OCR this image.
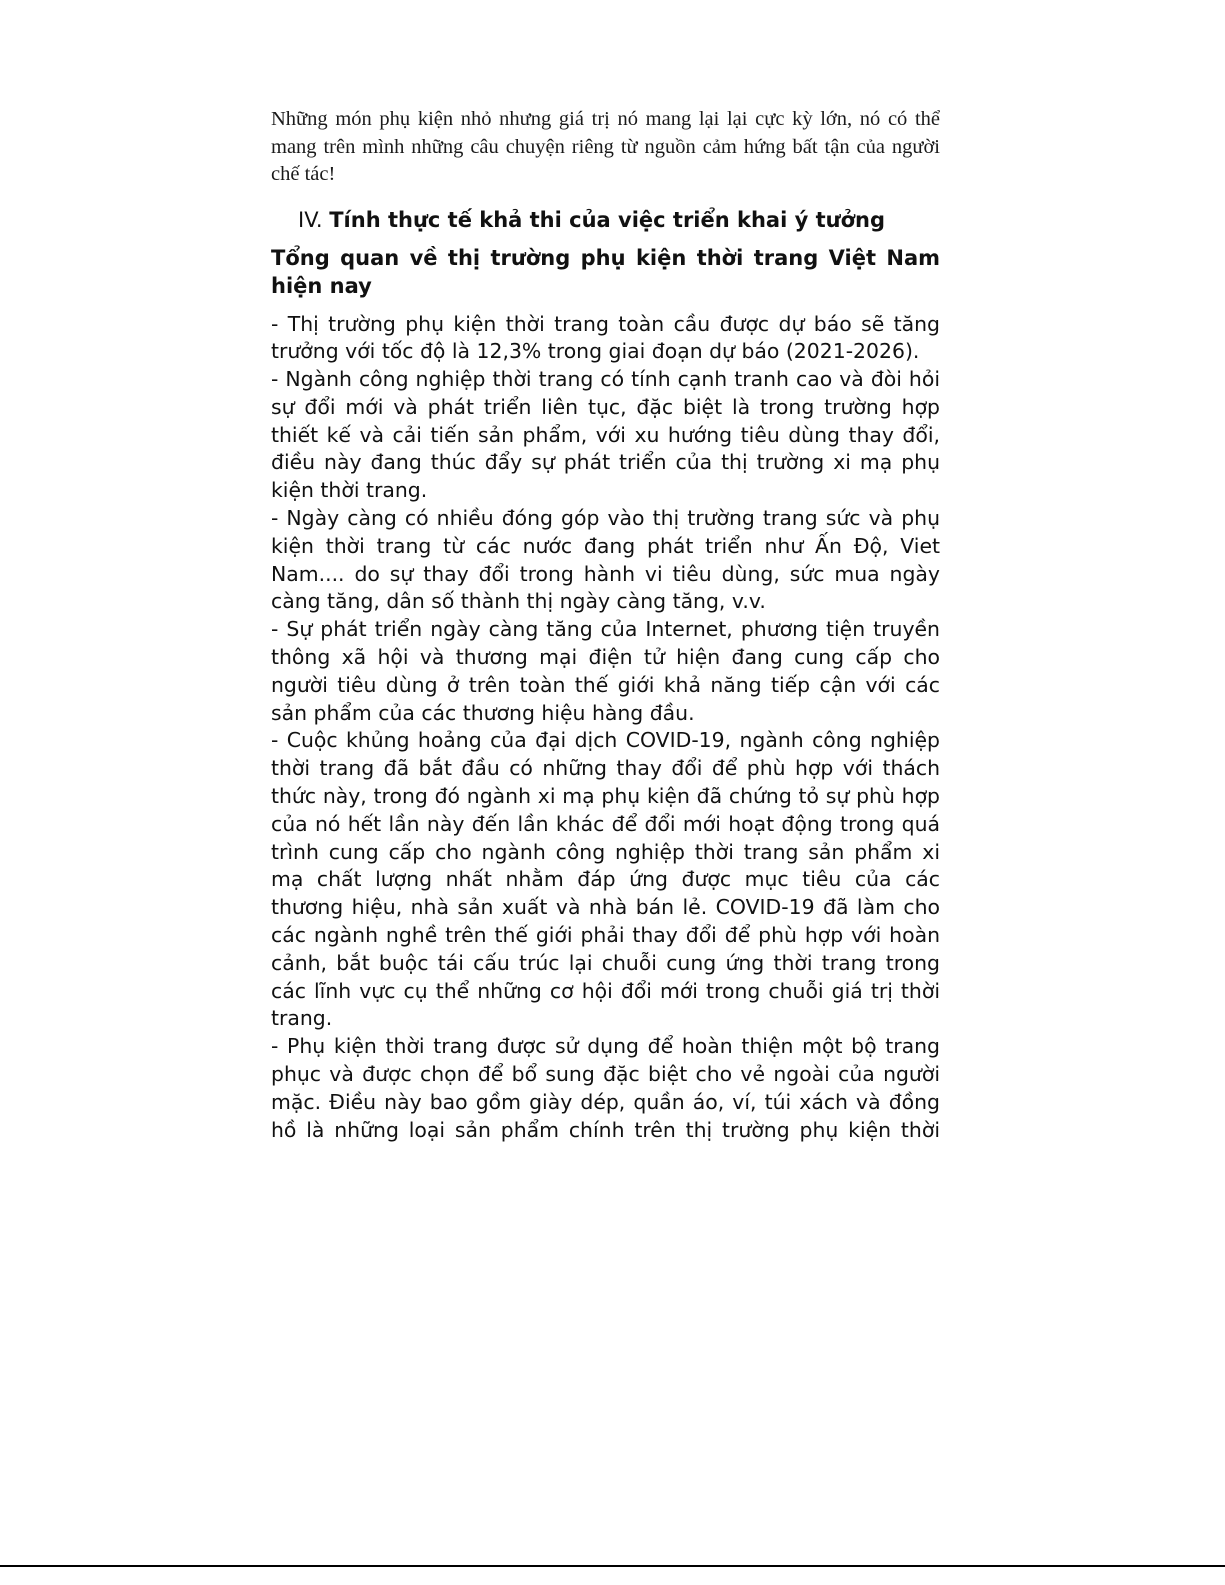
Những món phụ kiện nhỏ nhưng giá trị nó mang lại lại cực kỳ lớn, nó có thể mang trên mình những câu chuyện riêng từ nguồn cảm hứng bất tận của người chế tác!

IV. Tính thực tế khả thi của việc triển khai ý tưởng
Tổng quan về thị trường phụ kiện thời trang Việt Nam hiện nay

- Thị trường phụ kiện thời trang toàn cầu được dự báo sẽ tăng trưởng với tốc độ là 12,3% trong giai đoạn dự báo (2021-2026).

- Ngành công nghiệp thời trang có tính cạnh tranh cao và đòi hỏi sự đổi mới và phát triển liên tục, đặc biệt là trong trường hợp thiết kế và cải tiến sản phẩm, với xu hướng tiêu dùng thay đổi, điều này đang thúc đẩy sự phát triển của thị trường xi mạ phụ kiện thời trang.

- Ngày càng có nhiều đóng góp vào thị trường trang sức và phụ kiện thời trang từ các nước đang phát triển như Ấn Độ, Viet Nam.... do sự thay đổi trong hành vi tiêu dùng, sức mua ngày càng tăng, dân số thành thị ngày càng tăng, v.v.

- Sự phát triển ngày càng tăng của Internet, phương tiện truyền thông xã hội và thương mại điện tử hiện đang cung cấp cho người tiêu dùng ở trên toàn thế giới khả năng tiếp cận với các sản phẩm của các thương hiệu hàng đầu.

- Cuộc khủng hoảng của đại dịch COVID-19, ngành công nghiệp thời trang đã bắt đầu có những thay đổi để phù hợp với thách thức này, trong đó ngành xi mạ phụ kiện đã chứng tỏ sự phù hợp của nó hết lần này đến lần khác để đổi mới hoạt động trong quá trình cung cấp cho ngành công nghiệp thời trang sản phẩm xi mạ chất lượng nhất nhằm đáp ứng được mục tiêu của các thương hiệu, nhà sản xuất và nhà bán lẻ. COVID-19 đã làm cho các ngành nghề trên thế giới phải thay đổi để phù hợp với hoàn cảnh, bắt buộc tái cấu trúc lại chuỗi cung ứng thời trang trong các lĩnh vực cụ thể những cơ hội đổi mới trong chuỗi giá trị thời trang.

- Phụ kiện thời trang được sử dụng để hoàn thiện một bộ trang phục và được chọn để bổ sung đặc biệt cho vẻ ngoài của người mặc. Điều này bao gồm giày dép, quần áo, ví, túi xách và đồng hồ là những loại sản phẩm chính trên thị trường phụ kiện thời
